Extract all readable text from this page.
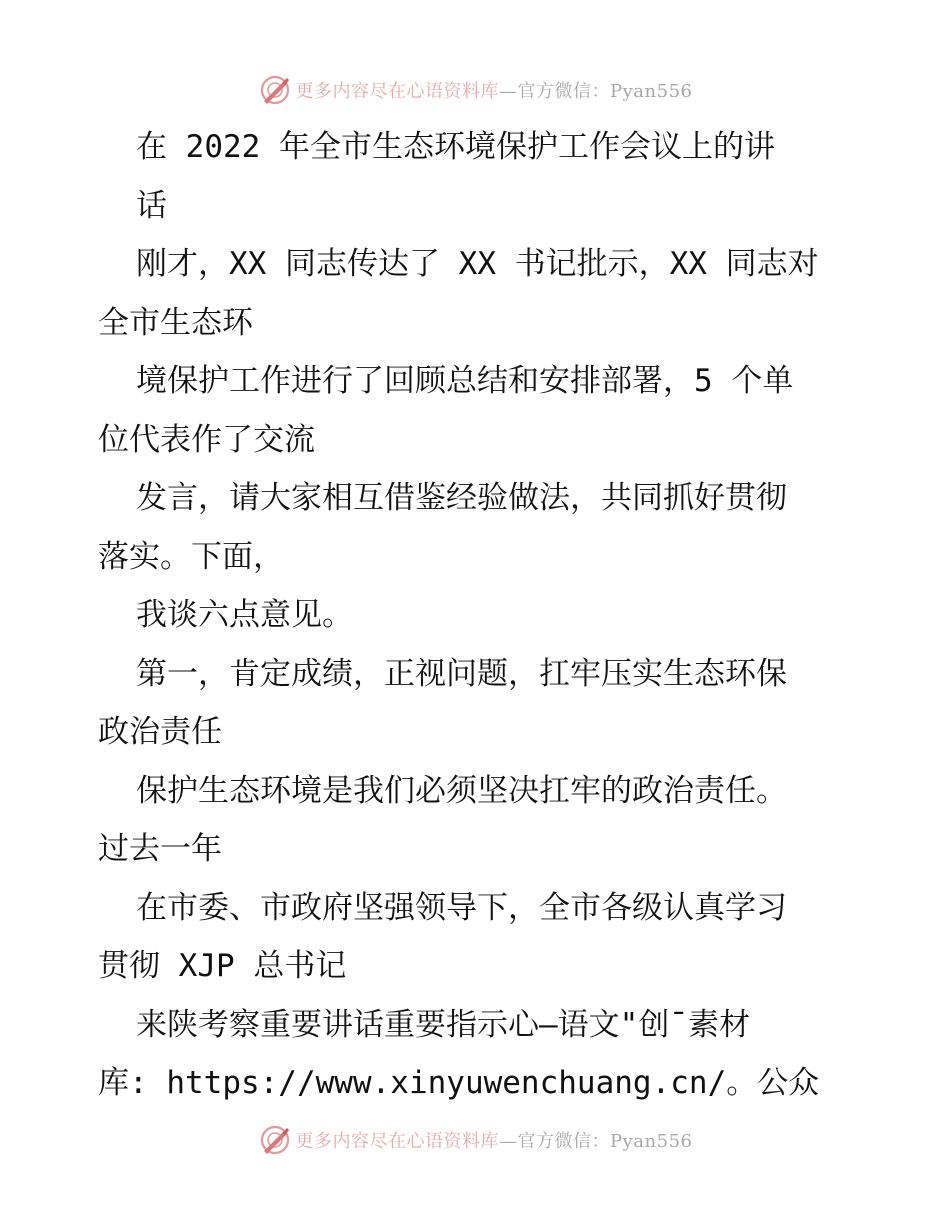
更多内容尽在心语资料库—官方微信：Pyan556
在 2022 年全市生态环境保护工作会议上的讲
话
刚才，XX 同志传达了 XX 书记批示，XX 同志对
全市生态环
境保护工作进行了回顾总结和安排部署，5 个单
位代表作了交流
发言，请大家相互借鉴经验做法，共同抓好贯彻
落实。下面，
我谈六点意见。
第一，肯定成绩，正视问题，扛牢压实生态环保
政治责任
保护生态环境是我们必须坚决扛牢的政治责任。
过去一年
在市委、市政府坚强领导下，全市各级认真学习
贯彻 XJP 总书记
来陕考察重要讲话重要指示心—语文"创¯素材
库: https://www.xinyuwenchuang.cn/。公众
更多内容尽在心语资料库—官方微信：Pyan556
